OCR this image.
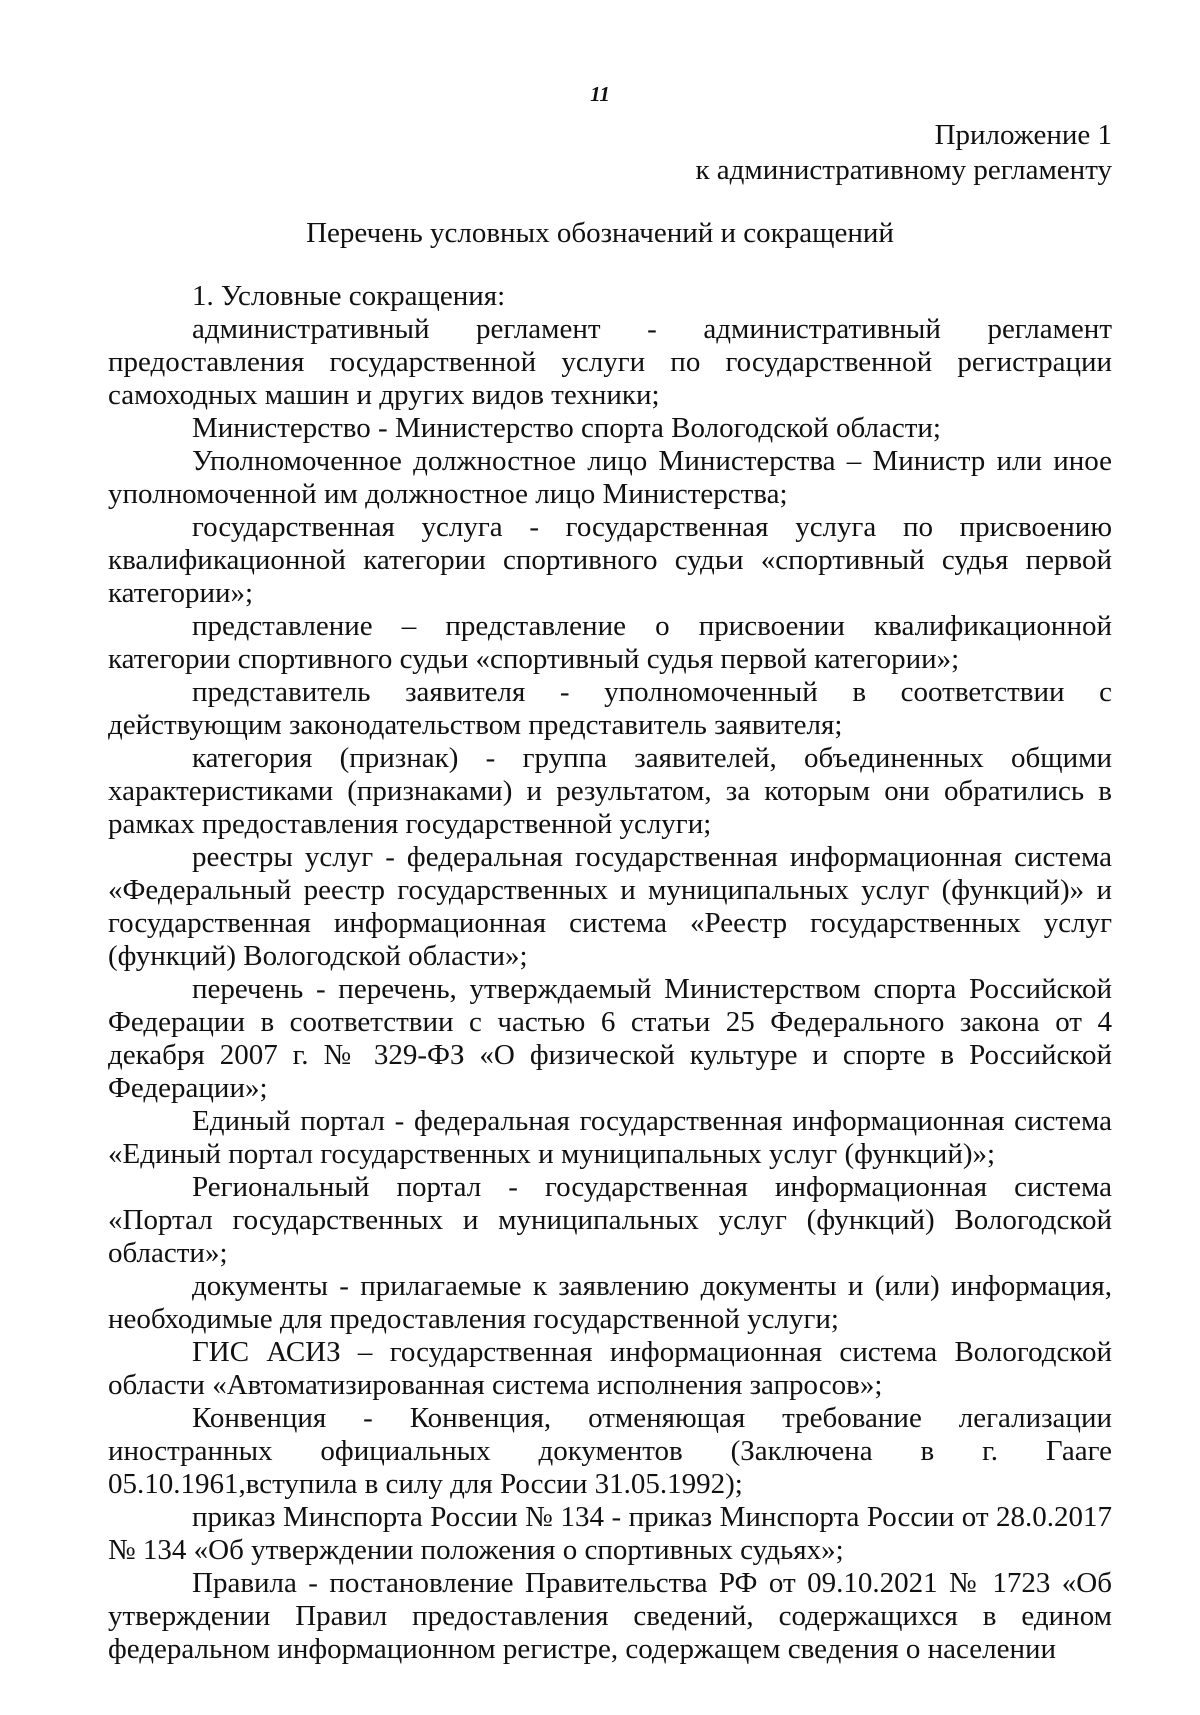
11
Приложение 1
к административному регламенту
Перечень условных обозначений и сокращений

1. Условные сокращения:

административный регламент - административный регламент предоставления государственной услуги по государственной регистрации самоходных машин и других видов техники;

Министерство - Министерство спорта Вологодской области;

Уполномоченное должностное лицо Министерства – Министр или иное уполномоченной им должностное лицо Министерства;

государственная услуга - государственная услуга по присвоению квалификационной категории спортивного судьи «спортивный судья первой категории»;

представление – представление о присвоении квалификационной категории спортивного судьи «спортивный судья первой категории»;

представитель заявителя - уполномоченный в соответствии с действующим законодательством представитель заявителя;

категория (признак) - группа заявителей, объединенных общими характеристиками (признаками) и результатом, за которым они обратились в рамках предоставления государственной услуги;

реестры услуг - федеральная государственная информационная система «Федеральный реестр государственных и муниципальных услуг (функций)» и государственная информационная система «Реестр государственных услуг (функций) Вологодской области»;

перечень - перечень, утверждаемый Министерством спорта Российской Федерации в соответствии с частью 6 статьи 25 Федерального закона от 4 декабря 2007 г. № 329-ФЗ «О физической культуре и спорте в Российской Федерации»;

Единый портал - федеральная государственная информационная система «Единый портал государственных и муниципальных услуг (функций)»;

Региональный портал - государственная информационная система «Портал государственных и муниципальных услуг (функций) Вологодской области»;

документы - прилагаемые к заявлению документы и (или) информация, необходимые для предоставления государственной услуги;

ГИС АСИЗ – государственная информационная система Вологодской области «Автоматизированная система исполнения запросов»;

Конвенция - Конвенция, отменяющая требование легализации иностранных официальных документов (Заключена в г. Гааге 05.10.1961,вступила в силу для России 31.05.1992);

приказ Минспорта России № 134 - приказ Минспорта России от 28.0.2017 № 134 «Об утверждении положения о спортивных судьях»;

Правила - постановление Правительства РФ от 09.10.2021 № 1723 «Об утверждении Правил предоставления сведений, содержащихся в едином федеральном информационном регистре, содержащем сведения о населении
